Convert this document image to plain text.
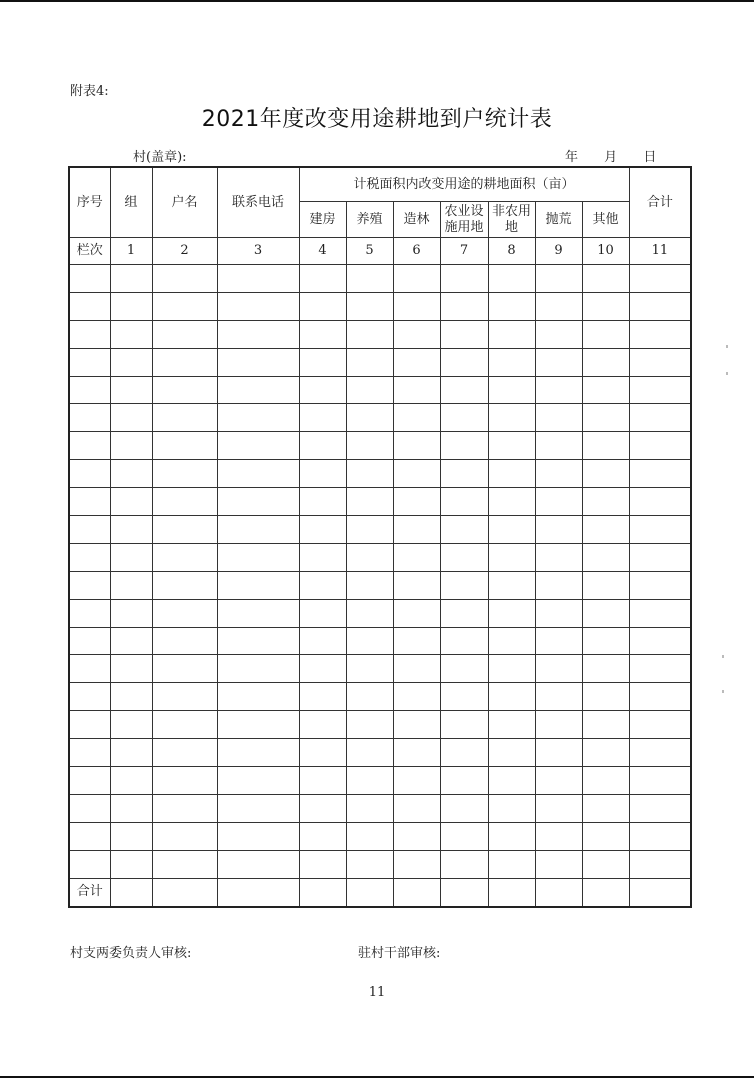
附表4:
2021年度改变用途耕地到户统计表
村(盖章):	年 月 日
序号	组	户名	联系电话	计税面积内改变用途的耕地面积（亩）							合计
				建房	养殖	造林	农业设施用地	非农用地	抛荒	其他	
栏次	1	2	3	4	5	6	7	8	9	10	11

合计											
村支两委负责人审核:	驻村干部审核:
11
